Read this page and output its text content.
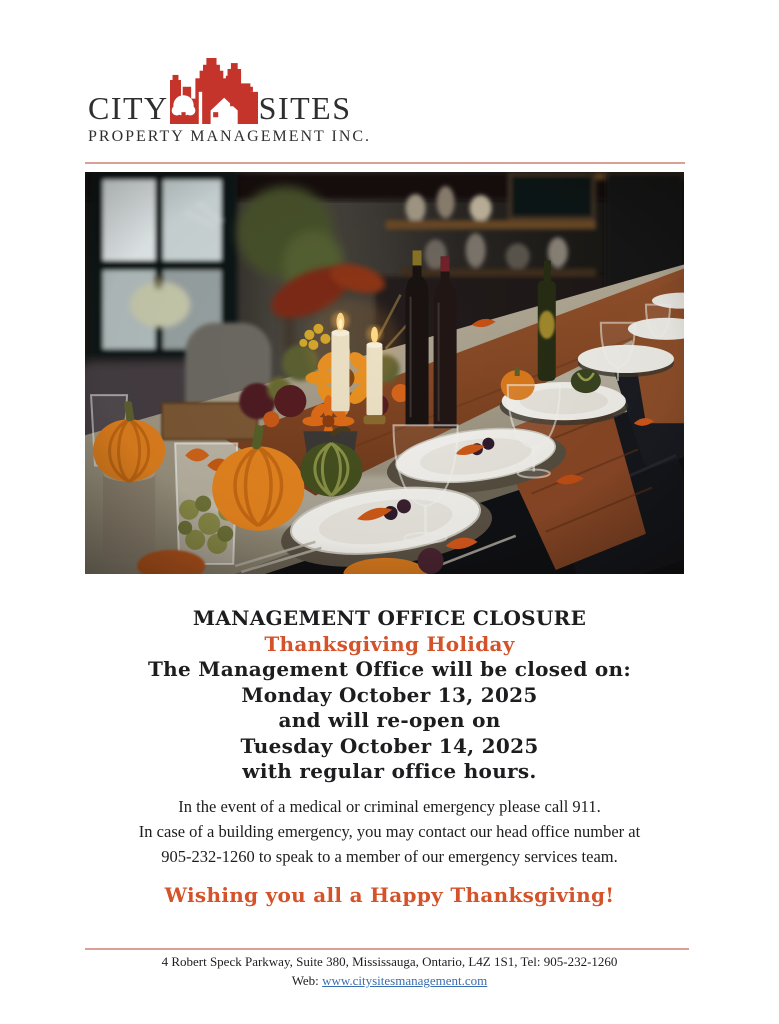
CITY	SITES
PROPERTY MANAGEMENT INC.
MANAGEMENT OFFICE CLOSURE
Thanksgiving Holiday

The Management Office will be closed on:

Monday October 13, 2025

and will re-open on

Tuesday October 14, 2025

with regular office hours.

In the event of a medical or criminal emergency please call 911.

In case of a building emergency, you may contact our head office number at

905-232-1260 to speak to a member of our emergency services team.

Wishing you all a Happy Thanksgiving!

4 Robert Speck Parkway, Suite 380, Mississauga, Ontario, L4Z 1S1, Tel: 905-232-1260

Web: www.citysitesmanagement.com
